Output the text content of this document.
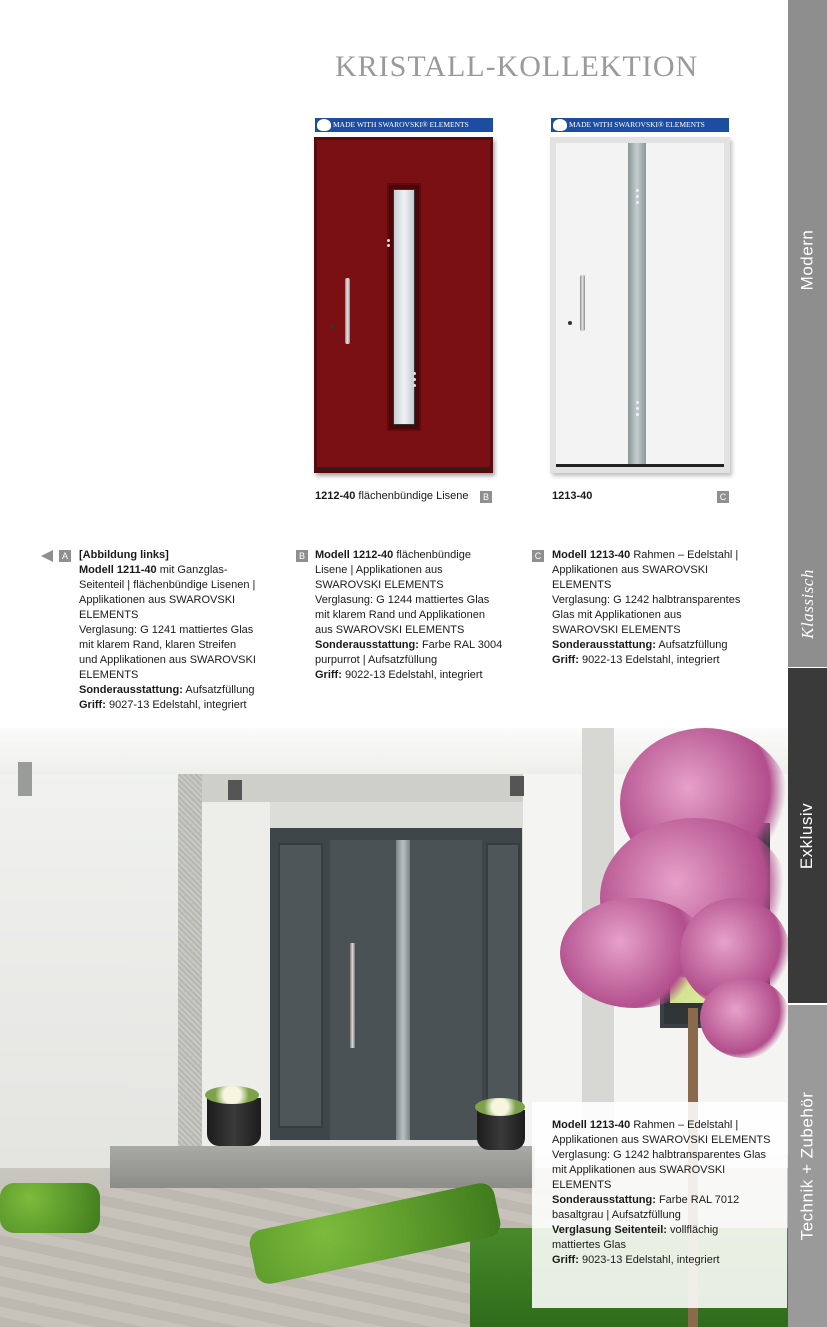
KRISTALL-KOLLEKTION
Modern
Klassisch
Exklusiv
Technik + Zubehör
MADE WITH SWAROVSKI® ELEMENTS
1212-40 flächenbündige Lisene	B
MADE WITH SWAROVSKI® ELEMENTS
1213-40	C
A [Abbildung links]
Modell 1211-40 mit Ganzglas-
Seitenteil | flächenbündige Lisenen |
Applikationen aus SWAROVSKI
ELEMENTS
Verglasung: G 1241 mattiertes Glas
mit klarem Rand, klaren Streifen
und Applikationen aus SWAROVSKI
ELEMENTS
Sonderausstattung: Aufsatzfüllung
Griff: 9027-13 Edelstahl, integriert
B Modell 1212-40 flächenbündige
Lisene | Applikationen aus
SWAROVSKI ELEMENTS
Verglasung: G 1244 mattiertes Glas
mit klarem Rand und Applikationen
aus SWAROVSKI ELEMENTS
Sonderausstattung: Farbe RAL 3004
purpurrot | Aufsatzfüllung
Griff: 9022-13 Edelstahl, integriert
C Modell 1213-40 Rahmen – Edelstahl |
Applikationen aus SWAROVSKI
ELEMENTS
Verglasung: G 1242 halbtransparentes
Glas mit Applikationen aus
SWAROVSKI ELEMENTS
Sonderausstattung: Aufsatzfüllung
Griff: 9022-13 Edelstahl, integriert
Modell 1213-40 Rahmen – Edelstahl |
Applikationen aus SWAROVSKI ELEMENTS
Verglasung: G 1242 halbtransparentes Glas
mit Applikationen aus SWAROVSKI
ELEMENTS
Sonderausstattung: Farbe RAL 7012
basaltgrau | Aufsatzfüllung
Verglasung Seitenteil: vollflächig
mattiertes Glas
Griff: 9023-13 Edelstahl, integriert
